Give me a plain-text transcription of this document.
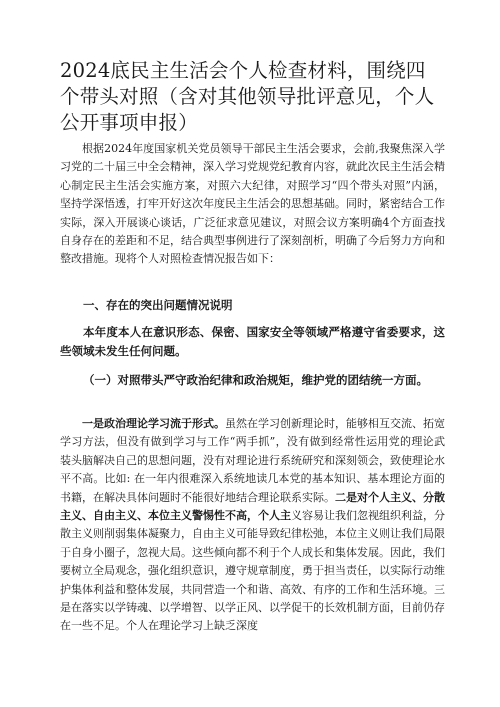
2024底民主生活会个人检查材料，围绕四个带头对照（含对其他领导批评意见，个人公开事项申报）

根据2024年度国家机关党员领导干部民主生活会要求，会前,我聚焦深入学习党的二十届三中全会精神，深入学习党规党纪教育内容，就此次民主生活会精心制定民主生活会实施方案，对照六大纪律，对照学习“四个带头对照”内涵，坚持学深悟透，打牢开好这次年度民主生活会的思想基础。同时，紧密结合工作实际，深入开展谈心谈话，广泛征求意见建议，对照会议方案明确4个方面查找自身存在的差距和不足，结合典型事例进行了深刻剖析，明确了今后努力方向和整改措施。现将个人对照检查情况报告如下：

一、存在的突出问题情况说明

本年度本人在意识形态、保密、国家安全等领域严格遵守省委要求，这些领域未发生任何问题。

（一）对照带头严守政治纪律和政治规矩，维护党的团结统一方面。

一是政治理论学习流于形式。虽然在学习创新理论时，能够相互交流、拓宽学习方法，但没有做到学习与工作“两手抓”，没有做到经常性运用党的理论武装头脑解决自己的思想问题，没有对理论进行系统研究和深刻领会，致使理论水平不高。比如: 在一年内很难深入系统地读几本党的基本知识、基本理论方面的书籍，在解决具体问题时不能很好地结合理论联系实际。二是对个人主义、分散主义、自由主义、本位主义警惕性不高，个人主义容易让我们忽视组织利益，分散主义则削弱集体凝聚力，自由主义可能导致纪律松弛，本位主义则让我们局限于自身小圈子，忽视大局。这些倾向都不利于个人成长和集体发展。因此，我们要树立全局观念，强化组织意识，遵守规章制度，勇于担当责任，以实际行动维护集体利益和整体发展，共同营造一个和谐、高效、有序的工作和生活环境。三是在落实以学铸魂、以学增智、以学正风、以学促干的长效机制方面，目前仍存在一些不足。个人在理论学习上缺乏深度
